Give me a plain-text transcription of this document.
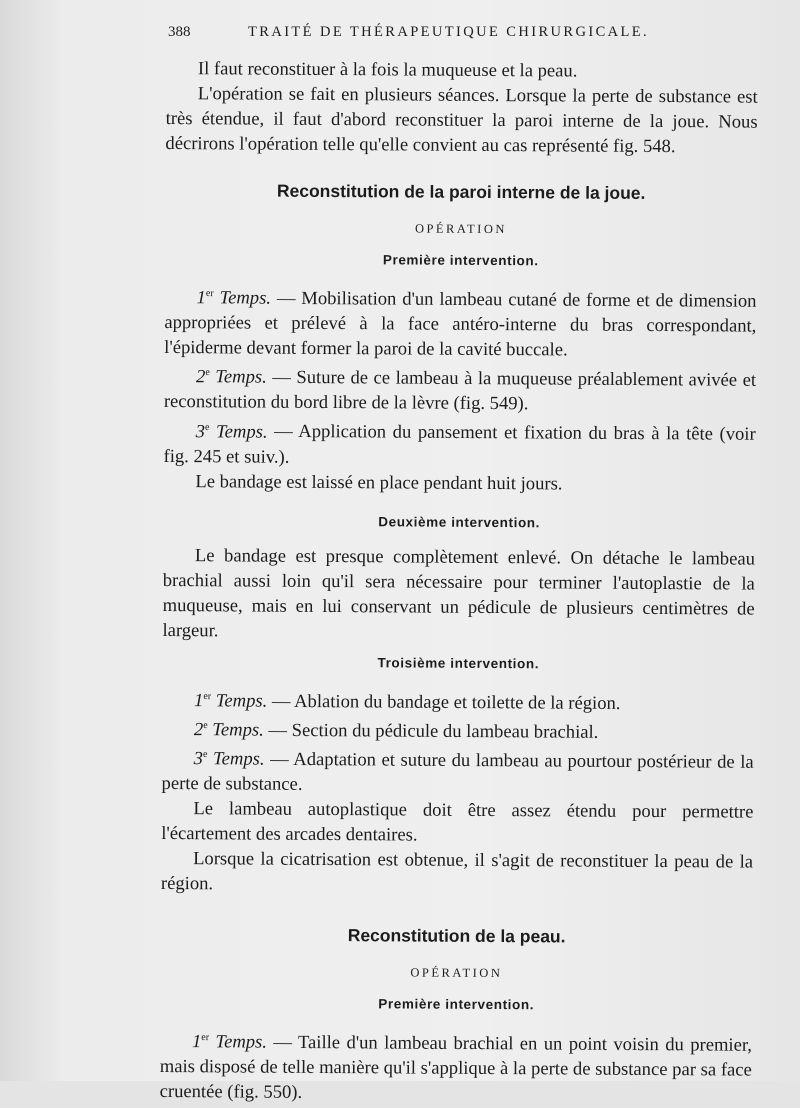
388	TRAITÉ DE THÉRAPEUTIQUE CHIRURGICALE.

Il faut reconstituer à la fois la muqueuse et la peau.

L'opération se fait en plusieurs séances. Lorsque la perte de substance est très étendue, il faut d'abord reconstituer la paroi interne de la joue. Nous décrirons l'opération telle qu'elle convient au cas représenté fig. 548.

Reconstitution de la paroi interne de la joue.
OPÉRATION
Première intervention.

1er Temps. — Mobilisation d'un lambeau cutané de forme et de dimension appropriées et prélevé à la face antéro-interne du bras correspondant, l'épiderme devant former la paroi de la cavité buccale.

2e Temps. — Suture de ce lambeau à la muqueuse préalablement avivée et reconstitution du bord libre de la lèvre (fig. 549).

3e Temps. — Application du pansement et fixation du bras à la tête (voir fig. 245 et suiv.).

Le bandage est laissé en place pendant huit jours.

Deuxième intervention.

Le bandage est presque complètement enlevé. On détache le lambeau brachial aussi loin qu'il sera nécessaire pour terminer l'autoplastie de la muqueuse, mais en lui conservant un pédicule de plusieurs centimètres de largeur.

Troisième intervention.

1er Temps. — Ablation du bandage et toilette de la région.

2e Temps. — Section du pédicule du lambeau brachial.

3e Temps. — Adaptation et suture du lambeau au pourtour postérieur de la perte de substance.

Le lambeau autoplastique doit être assez étendu pour permettre l'écartement des arcades dentaires.

Lorsque la cicatrisation est obtenue, il s'agit de reconstituer la peau de la région.

Reconstitution de la peau.
OPÉRATION
Première intervention.

1er Temps. — Taille d'un lambeau brachial en un point voisin du premier, mais disposé de telle manière qu'il s'applique à la perte de substance par sa face cruentée (fig. 550).
